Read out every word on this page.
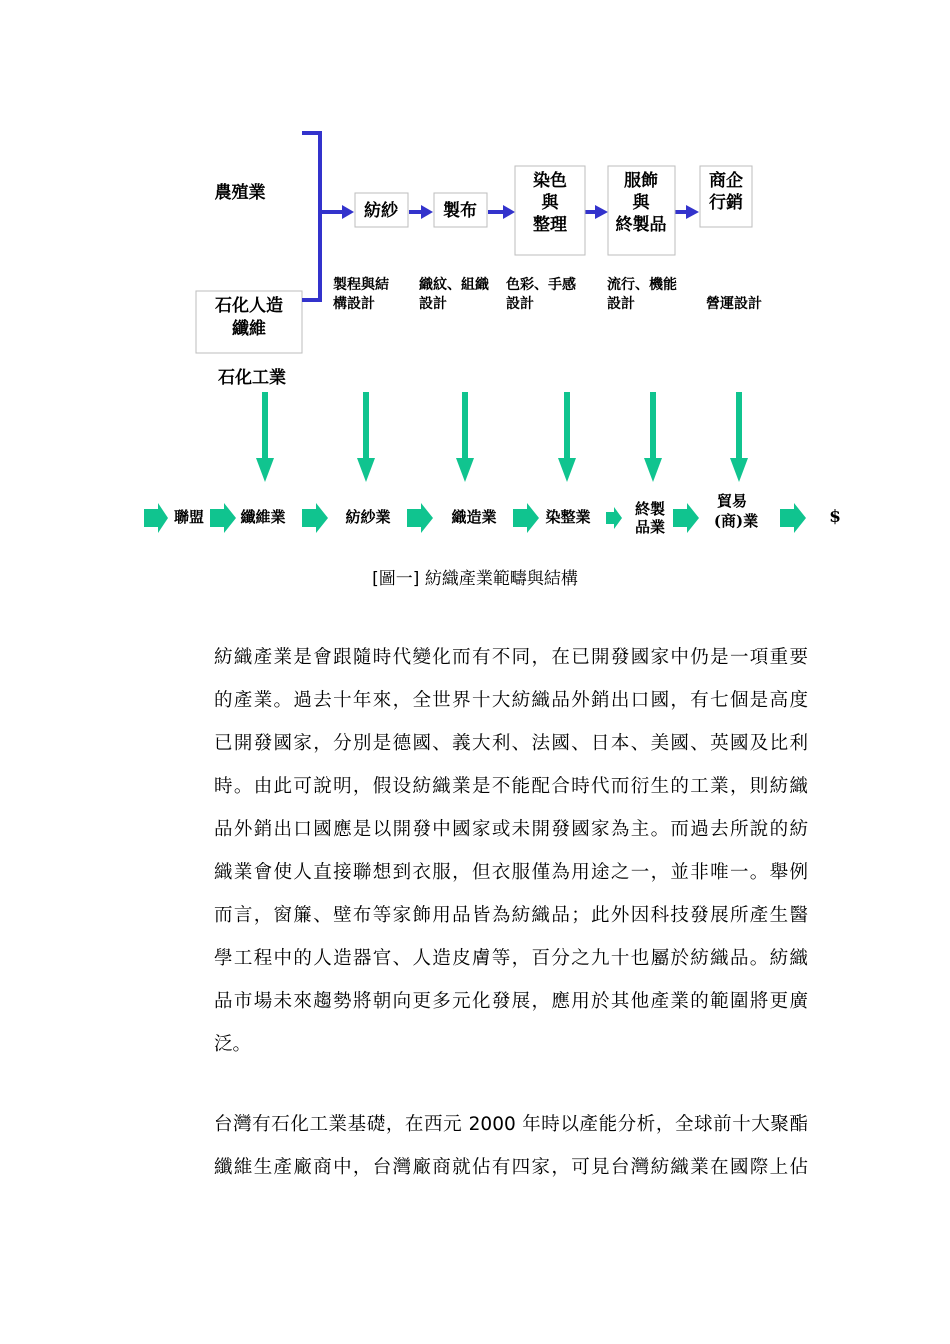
農殖業
石化人造
纖維
石化工業
紡紗	製布
染色
與
整理
服飾
與
終製品
商企
行銷
製程與結
構設計
織紋、組織
設計
色彩、手感
設計
流行、機能
設計	營運設計
聯盟 纖維業	紡紗業	織造業	染整業	終製
品業
貿易
(商)業	$
[圖一] 紡織產業範疇與結構
紡織產業是會跟隨時代變化而有不同，在已開發國家中仍是一項重要
的產業。過去十年來，全世界十大紡織品外銷出口國，有七個是高度
已開發國家，分別是德國、義大利、法國、日本、美國、英國及比利
時。由此可說明，假设紡織業是不能配合時代而衍生的工業，則紡織
品外銷出口國應是以開發中國家或未開發國家為主。而過去所說的紡
織業會使人直接聯想到衣服，但衣服僅為用途之一，並非唯一。舉例
而言，窗簾、壁布等家飾用品皆為紡織品；此外因科技發展所產生醫
學工程中的人造器官、人造皮膚等，百分之九十也屬於紡織品。紡織
品市場未來趨勢將朝向更多元化發展，應用於其他產業的範圍將更廣
泛。
台灣有石化工業基礎，在西元 2000 年時以產能分析，全球前十大聚酯
纖維生產廠商中，台灣廠商就佔有四家，可見台灣紡織業在國際上佔
